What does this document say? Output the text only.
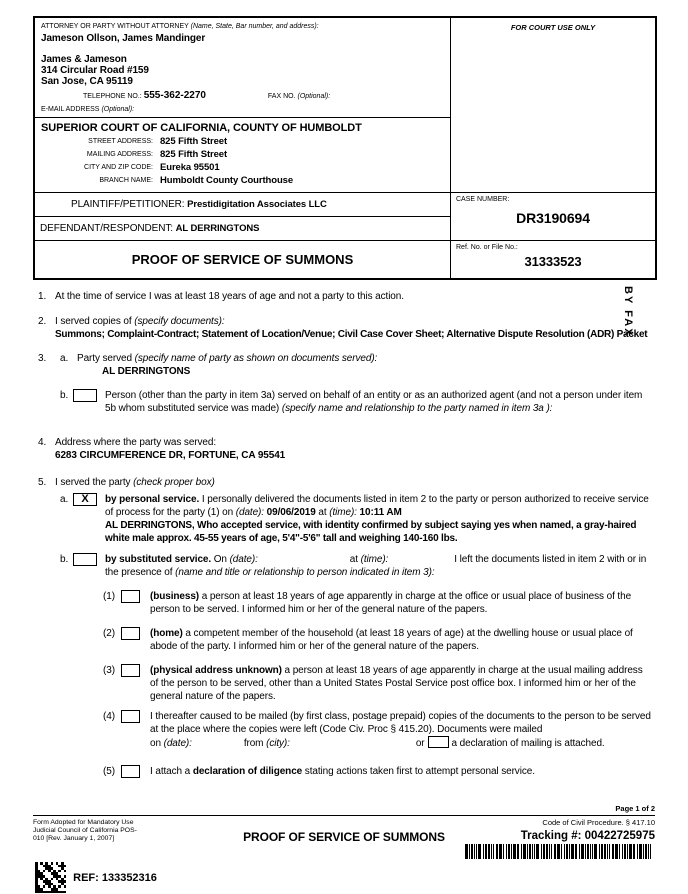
ATTORNEY OR PARTY WITHOUT ATTORNEY (Name, State, Bar number, and address):
Jameson Ollson, James Mandinger
James & Jameson
314 Circular Road #159
San Jose, CA 95119
TELEPHONE NO.: 555-362-2270	FAX NO. (Optional):
E-MAIL ADDRESS (Optional):
FOR COURT USE ONLY
SUPERIOR COURT OF CALIFORNIA, COUNTY OF HUMBOLDT
STREET ADDRESS: 825 Fifth Street
MAILING ADDRESS: 825 Fifth Street
CITY AND ZIP CODE: Eureka 95501
BRANCH NAME: Humboldt County Courthouse
PLAINTIFF/PETITIONER:
Prestidigitation Associates LLC
DEFENDANT/RESPONDENT:
AL DERRINGTONS
CASE NUMBER:
DR3190694
PROOF OF SERVICE OF SUMMONS
Ref. No. or File No.:
31333523
BY FAX
1. At the time of service I was at least 18 years of age and not a party to this action.
2. I served copies of (specify documents):
Summons; Complaint-Contract; Statement of Location/Venue; Civil Case Cover Sheet; Alternative Dispute Resolution (ADR) Packet
3. a. Party served (specify name of party as shown on documents served):
AL DERRINGTONS
b.	Person (other than the party in item 3a) served on behalf of an entity or as an authorized agent (and not a person under item 5b whom substituted service was made) (specify name and relationship to the party named in item 3a ):
4. Address where the party was served:
6283 CIRCUMFERENCE DR, FORTUNE, CA 95541
5. I served the party (check proper box)
a. X by personal service. I personally delivered the documents listed in item 2 to the party or person authorized to receive service of process for the party (1) on (date): 09/06/2019 at (time): 10:11 AM
AL DERRINGTONS, Who accepted service, with identity confirmed by subject saying yes when named, a gray-haired white male approx. 45-55 years of age, 5'4"-5'6" tall and weighing 140-160 lbs.
b.	by substituted service. On (date):	at (time):	I left the documents listed in item 2 with or in the presence of (name and title or relationship to person indicated in item 3):
(1)	(business) a person at least 18 years of age apparently in charge at the office or usual place of business of the person to be served. I informed him or her of the general nature of the papers.
(2)	(home) a competent member of the household (at least 18 years of age) at the dwelling house or usual place of abode of the party. I informed him or her of the general nature of the papers.
(3)	(physical address unknown) a person at least 18 years of age apparently in charge at the usual mailing address of the person to be served, other than a United States Postal Service post office box. I informed him or her of the general nature of the papers.
(4)	I thereafter caused to be mailed (by first class, postage prepaid) copies of the documents to the person to be served at the place where the copies were left (Code Civ. Proc § 415.20). Documents were mailed
on (date):	from (city):	or	a declaration of mailing is attached.
(5)	I attach a declaration of diligence stating actions taken first to attempt personal service.
Page 1 of 2
Form Adopted for Mandatory Use
Judicial Council of California POS-
010 [Rev. January 1, 2007]	PROOF OF SERVICE OF SUMMONS
Code of Civil Procedure. § 417.10
Tracking #: 00422725975
REF: 133352316
